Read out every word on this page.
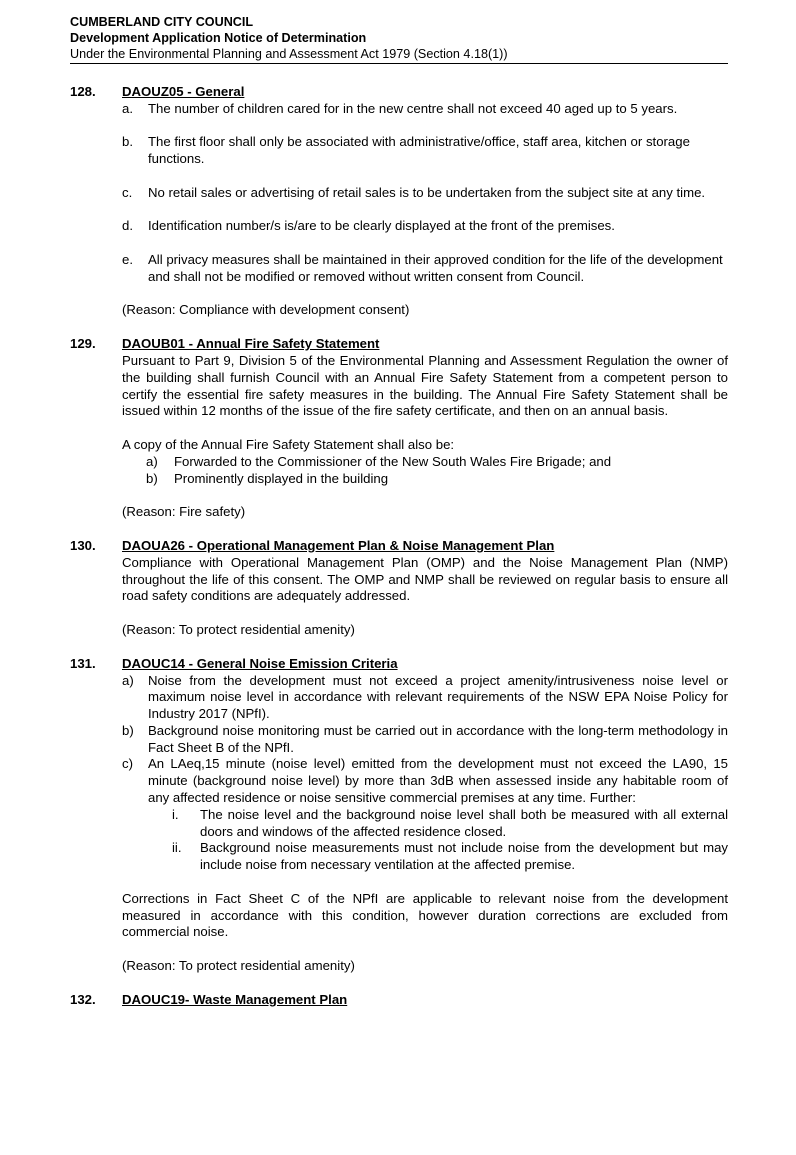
CUMBERLAND CITY COUNCIL
Development Application Notice of Determination
Under the Environmental Planning and Assessment Act 1979 (Section 4.18(1))
128. DAOUZ05 - General
a. The number of children cared for in the new centre shall not exceed 40 aged up to 5 years.
b. The first floor shall only be associated with administrative/office, staff area, kitchen or storage functions.
c. No retail sales or advertising of retail sales is to be undertaken from the subject site at any time.
d. Identification number/s is/are to be clearly displayed at the front of the premises.
e. All privacy measures shall be maintained in their approved condition for the life of the development and shall not be modified or removed without written consent from Council.
(Reason: Compliance with development consent)
129. DAOUB01 - Annual Fire Safety Statement
Pursuant to Part 9, Division 5 of the Environmental Planning and Assessment Regulation the owner of the building shall furnish Council with an Annual Fire Safety Statement from a competent person to certify the essential fire safety measures in the building. The Annual Fire Safety Statement shall be issued within 12 months of the issue of the fire safety certificate, and then on an annual basis.
A copy of the Annual Fire Safety Statement shall also be:
a) Forwarded to the Commissioner of the New South Wales Fire Brigade; and
b) Prominently displayed in the building
(Reason: Fire safety)
130. DAOUA26 - Operational Management Plan & Noise Management Plan
Compliance with Operational Management Plan (OMP) and the Noise Management Plan (NMP) throughout the life of this consent. The OMP and NMP shall be reviewed on regular basis to ensure all road safety conditions are adequately addressed.
(Reason: To protect residential amenity)
131. DAOUC14 - General Noise Emission Criteria
a) Noise from the development must not exceed a project amenity/intrusiveness noise level or maximum noise level in accordance with relevant requirements of the NSW EPA Noise Policy for Industry 2017 (NPfI).
b) Background noise monitoring must be carried out in accordance with the long-term methodology in Fact Sheet B of the NPfI.
c) An LAeq,15 minute (noise level) emitted from the development must not exceed the LA90, 15 minute (background noise level) by more than 3dB when assessed inside any habitable room of any affected residence or noise sensitive commercial premises at any time. Further:
i. The noise level and the background noise level shall both be measured with all external doors and windows of the affected residence closed.
ii. Background noise measurements must not include noise from the development but may include noise from necessary ventilation at the affected premise.
Corrections in Fact Sheet C of the NPfI are applicable to relevant noise from the development measured in accordance with this condition, however duration corrections are excluded from commercial noise.
(Reason: To protect residential amenity)
132. DAOUC19- Waste Management Plan
